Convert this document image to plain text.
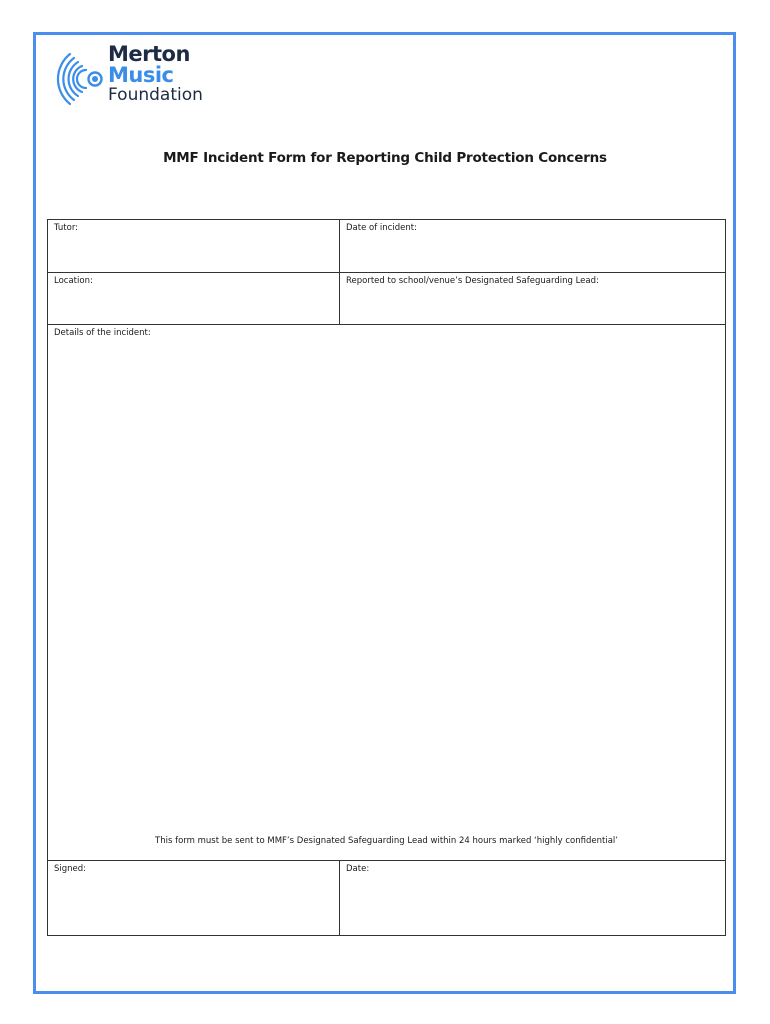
Merton
Music
Foundation
MMF Incident Form for Reporting Child Protection Concerns
Tutor:	Date of incident:
Location:	Reported to school/venue’s Designated Safeguarding Lead:
Details of the incident:
This form must be sent to MMF’s Designated Safeguarding Lead within 24 hours marked ‘highly confidential’
Signed:	Date:
